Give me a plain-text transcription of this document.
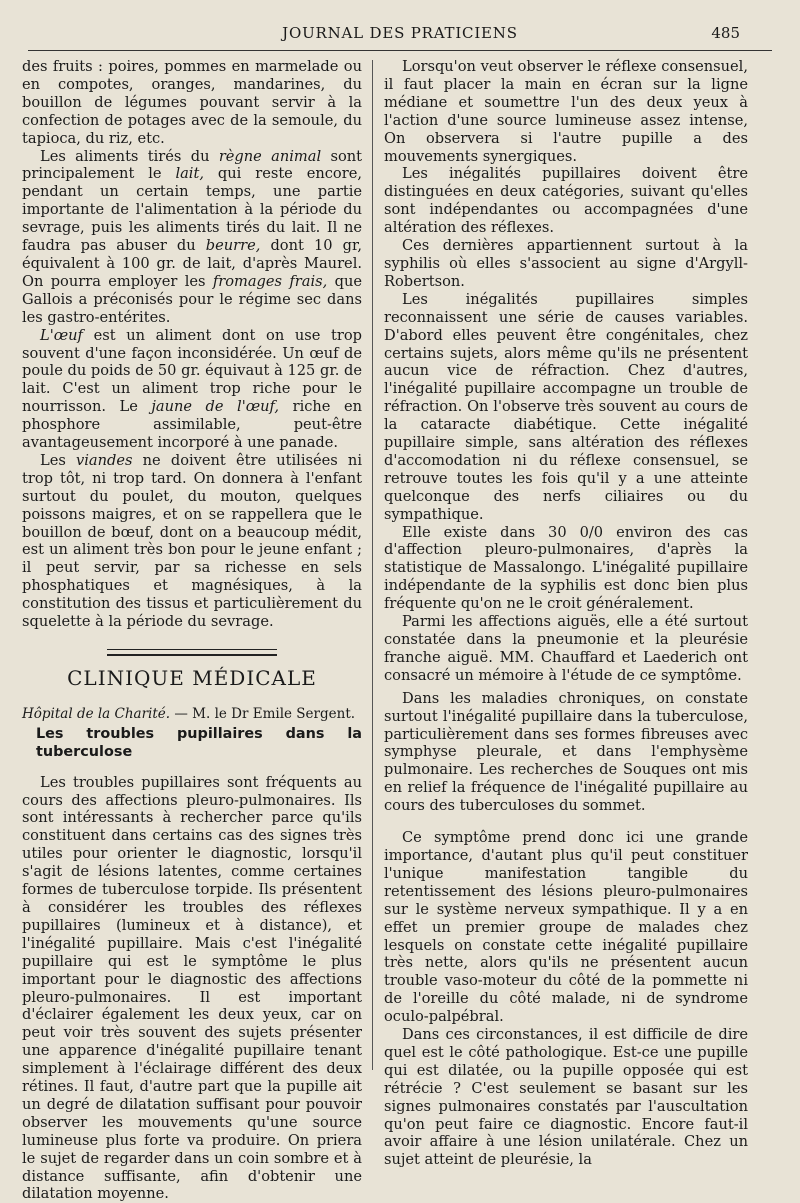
JOURNAL DES PRATICIENS	485

des fruits : poires, pommes en marmelade ou en compotes, oranges, mandarines, du bouillon de légumes pouvant servir à la confection de potages avec de la semoule, du tapioca, du riz, etc.

Les aliments tirés du règne animal sont principalement le lait, qui reste encore, pendant un certain temps, une partie importante de l'alimentation à la période du sevrage, puis les aliments tirés du lait. Il ne faudra pas abuser du beurre, dont 10 gr, équivalent à 100 gr. de lait, d'après Maurel. On pourra employer les fromages frais, que Gallois a préconisés pour le régime sec dans les gastro-entérites.

L'œuf est un aliment dont on use trop souvent d'une façon inconsidérée. Un œuf de poule du poids de 50 gr. équivaut à 125 gr. de lait. C'est un aliment trop riche pour le nourrisson. Le jaune de l'œuf, riche en phosphore assimilable, peut-être avantageusement incorporé à une panade.

Les viandes ne doivent être utilisées ni trop tôt, ni trop tard. On donnera à l'enfant surtout du poulet, du mouton, quelques poissons maigres, et on se rappellera que le bouillon de bœuf, dont on a beaucoup médit, est un aliment très bon pour le jeune enfant ; il peut servir, par sa richesse en sels phosphatiques et magnésiques, à la constitution des tissus et particulièrement du squelette à la période du sevrage.

CLINIQUE MÉDICALE

Hôpital de la Charité. — M. le Dr Emile Sergent.

Les troubles pupillaires dans la tuberculose

Les troubles pupillaires sont fréquents au cours des affections pleuro-pulmonaires. Ils sont intéressants à rechercher parce qu'ils constituent dans certains cas des signes très utiles pour orienter le diagnostic, lorsqu'il s'agit de lésions latentes, comme certaines formes de tuberculose torpide. Ils présentent à considérer les troubles des réflexes pupillaires (lumineux et à distance), et l'inégalité pupillaire. Mais c'est l'inégalité pupillaire qui est le symptôme le plus important pour le diagnostic des affections pleuro-pulmonaires. Il est important d'éclairer également les deux yeux, car on peut voir très souvent des sujets présenter une apparence d'inégalité pupillaire tenant simplement à l'éclairage différent des deux rétines. Il faut, d'autre part que la pupille ait un degré de dilatation suffisant pour pouvoir observer les mouvements qu'une source lumineuse plus forte va produire. On priera le sujet de regarder dans un coin sombre et à distance suffisante, afin d'obtenir une dilatation moyenne.

Lorsqu'on veut observer le réflexe consensuel, il faut placer la main en écran sur la ligne médiane et soumettre l'un des deux yeux à l'action d'une source lumineuse assez intense, On observera si l'autre pupille a des mouvements synergiques.

Les inégalités pupillaires doivent être distinguées en deux catégories, suivant qu'elles sont indépendantes ou accompagnées d'une altération des réflexes.

Ces dernières appartiennent surtout à la syphilis où elles s'associent au signe d'Argyll-Robertson.

Les inégalités pupillaires simples reconnaissent une série de causes variables. D'abord elles peuvent être congénitales, chez certains sujets, alors même qu'ils ne présentent aucun vice de réfraction. Chez d'autres, l'inégalité pupillaire accompagne un trouble de réfraction. On l'observe très souvent au cours de la cataracte diabétique. Cette inégalité pupillaire simple, sans altération des réflexes d'accomodation ni du réflexe consensuel, se retrouve toutes les fois qu'il y a une atteinte quelconque des nerfs ciliaires ou du sympathique.

Elle existe dans 30 0/0 environ des cas d'affection pleuro-pulmonaires, d'après la statistique de Massalongo. L'inégalité pupillaire indépendante de la syphilis est donc bien plus fréquente qu'on ne le croit généralement.

Parmi les affections aiguës, elle a été surtout constatée dans la pneumonie et la pleurésie franche aiguë. MM. Chauffard et Laederich ont consacré un mémoire à l'étude de ce symptôme.

Dans les maladies chroniques, on constate surtout l'inégalité pupillaire dans la tuberculose, particulièrement dans ses formes fibreuses avec symphyse pleurale, et dans l'emphysème pulmonaire. Les recherches de Souques ont mis en relief la fréquence de l'inégalité pupillaire au cours des tuberculoses du sommet.

Ce symptôme prend donc ici une grande importance, d'autant plus qu'il peut constituer l'unique manifestation tangible du retentissement des lésions pleuro-pulmonaires sur le système nerveux sympathique. Il y a en effet un premier groupe de malades chez lesquels on constate cette inégalité pupillaire très nette, alors qu'ils ne présentent aucun trouble vaso-moteur du côté de la pommette ni de l'oreille du côté malade, ni de syndrome oculo-palpébral.

Dans ces circonstances, il est difficile de dire quel est le côté pathologique. Est-ce une pupille qui est dilatée, ou la pupille opposée qui est rétrécie ? C'est seulement se basant sur les signes pulmonaires constatés par l'auscultation qu'on peut faire ce diagnostic. Encore faut-il avoir affaire à une lésion unilatérale. Chez un sujet atteint de pleurésie, la
